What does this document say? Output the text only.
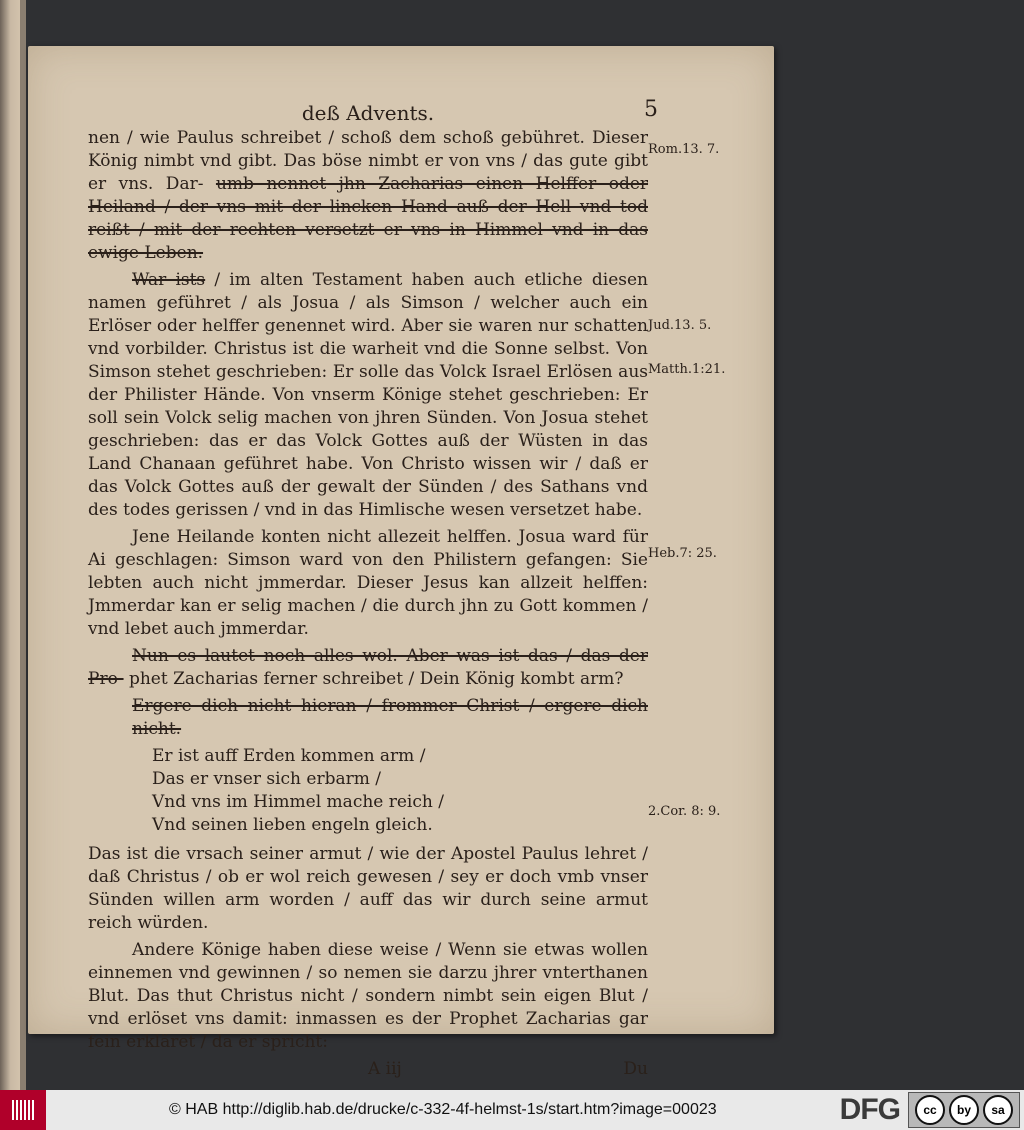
deß Advents.	5

nen / wie Paulus schreibet / schoß dem schoß gebühret. Dieser König nimbt vnd gibt. Das böse nimbt er von vns / das gute gibt er vns. Dar- umb nennet jhn Zacharias einen Helffer oder Heiland / der vns mit der lincken Hand auß der Hell vnd tod reißt / mit der rechten versetzt er vns in Himmel vnd in das ewige Leben.

War ists / im alten Testament haben auch etliche diesen namen geführet / als Josua / als Simson / welcher auch ein Erlöser oder helffer genennet wird. Aber sie waren nur schatten vnd vorbilder. Christus ist die warheit vnd die Sonne selbst. Von Simson stehet geschrieben: Er solle das Volck Israel Erlösen aus der Philister Hände. Von vnserm Könige stehet geschrieben: Er soll sein Volck selig machen von jhren Sünden. Von Josua stehet geschrieben: das er das Volck Gottes auß der Wüsten in das Land Chanaan geführet habe. Von Christo wissen wir / daß er das Volck Gottes auß der gewalt der Sünden / des Sathans vnd des todes gerissen / vnd in das Himlische wesen versetzet habe.

Jene Heilande konten nicht allezeit helffen. Josua ward für Ai geschlagen: Simson ward von den Philistern gefangen: Sie lebten auch nicht jmmerdar. Dieser Jesus kan allzeit helffen: Jmmerdar kan er selig machen / die durch jhn zu Gott kommen / vnd lebet auch jmmerdar.

Nun es lautet noch alles wol. Aber was ist das / das der Pro- phet Zacharias ferner schreibet / Dein König kombt arm?

Ergere dich nicht hieran / frommer Christ / ergere dich nicht.

Er ist auff Erden kommen arm /
Das er vnser sich erbarm /
Vnd vns im Himmel mache reich /
Vnd seinen lieben engeln gleich.

Das ist die vrsach seiner armut / wie der Apostel Paulus lehret / daß Christus / ob er wol reich gewesen / sey er doch vmb vnser Sünden willen arm worden / auff das wir durch seine armut reich würden.

Andere Könige haben diese weise / Wenn sie etwas wollen einnemen vnd gewinnen / so nemen sie darzu jhrer vnterthanen Blut. Das thut Christus nicht / sondern nimbt sein eigen Blut / vnd erlöset vns damit: inmassen es der Prophet Zacharias gar fein erkläret / da er spricht:

A iij	Du
Rom.13. 7.
Jud.13. 5.
Matth.1:21.
Heb.7: 25.
2.Cor. 8: 9.
© HAB http://diglib.hab.de/drucke/c-332-4f-helmst-1s/start.htm?image=00023	DFG	cc	by	sa
